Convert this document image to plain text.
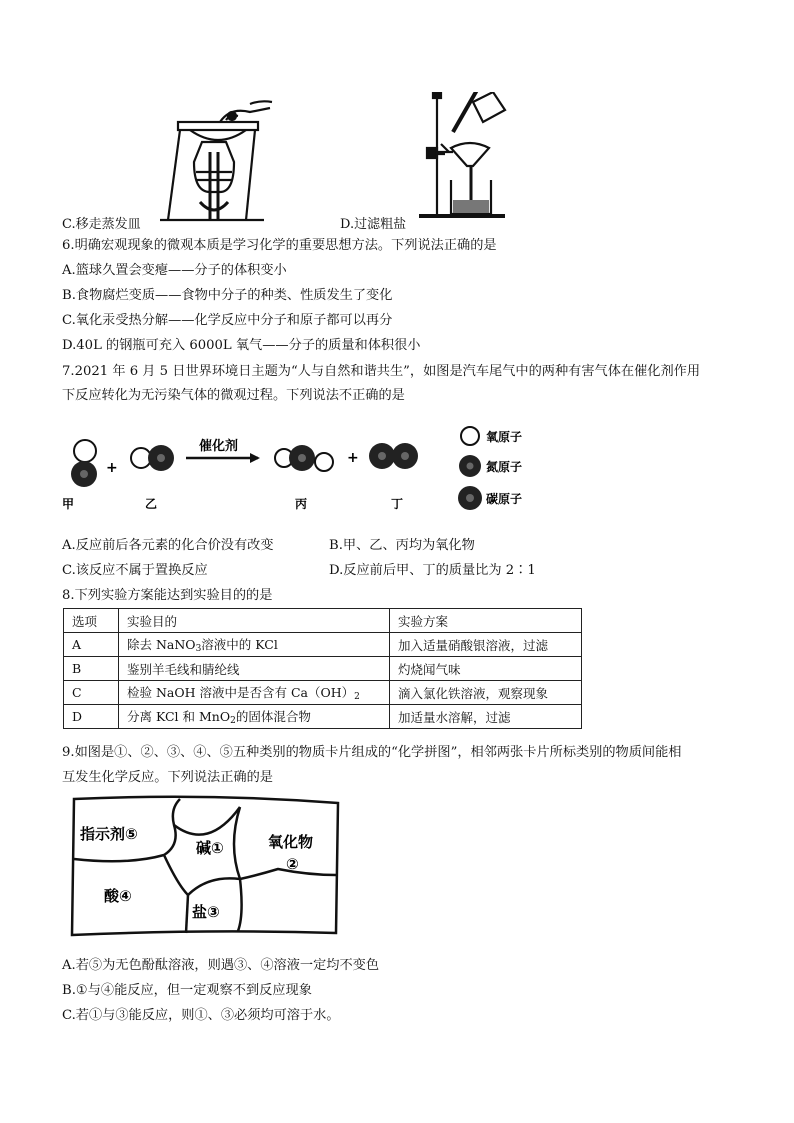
C.移走蒸发皿	D.过滤粗盐
6.明确宏观现象的微观本质是学习化学的重要思想方法。下列说法正确的是
A.篮球久置会变瘪——分子的体积变小
B.食物腐烂变质——食物中分子的种类、性质发生了变化
C.氧化汞受热分解——化学反应中分子和原子都可以再分
D.40L 的钢瓶可充入 6000L 氧气——分子的质量和体积很小
7.2021 年 6 月 5 日世界环境日主题为“人与自然和谐共生”，如图是汽车尾气中的两种有害气体在催化剂作用
下反应转化为无污染气体的微观过程。下列说法不正确的是
+
催化剂
+
甲	乙	丙	丁
氧原子
氮原子
碳原子
A.反应前后各元素的化合价没有改变	B.甲、乙、丙均为氧化物
C.该反应不属于置换反应	D.反应前后甲、丁的质量比为 2∶1
8.下列实验方案能达到实验目的的是
选项	实验目的	实验方案
A	除去 NaNO$_3$溶液中的 KCl	加入适量硝酸银溶液，过滤
B	鉴别羊毛线和腈纶线	灼烧闻气味
C	检验 NaOH 溶液中是否含有 $Ca(OH)_2$	滴入氯化铁溶液，观察现象
D	分离 KCl 和 MnO$_2$的固体混合物	加适量水溶解，过滤
9.如图是①、②、③、④、⑤五种类别的物质卡片组成的“化学拼图”，相邻两张卡片所标类别的物质间能相
互发生化学反应。下列说法正确的是
指示剂⑤
碱①	氧化物
②
酸④
盐③
A.若⑤为无色酚酞溶液，则遇③、④溶液一定均不变色
B.①与④能反应，但一定观察不到反应现象
C.若①与③能反应，则①、③必须均可溶于水。
